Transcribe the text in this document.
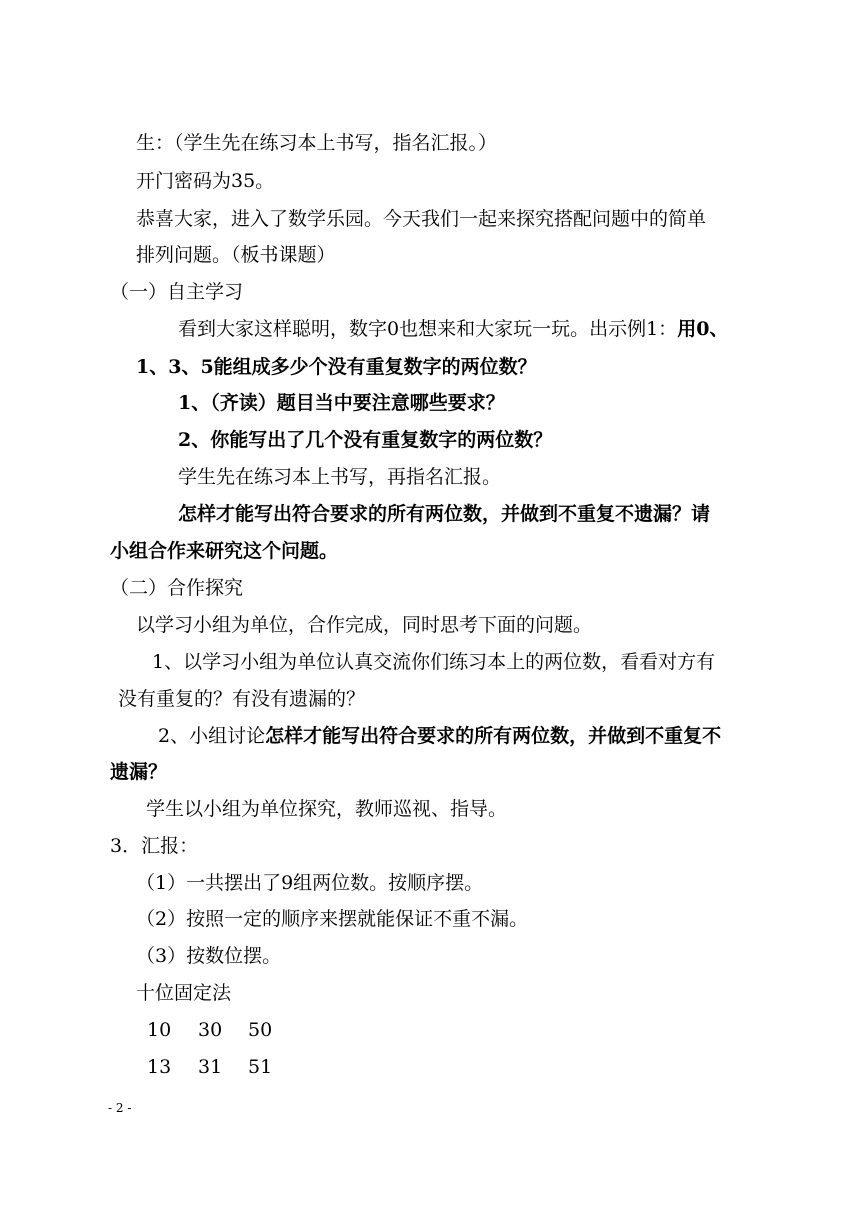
生：（学生先在练习本上书写，指名汇报。）
开门密码为35。
恭喜大家，进入了数学乐园。今天我们一起来探究搭配问题中的简单
排列问题。（板书课题）
（一）自主学习
看到大家这样聪明，数字0也想来和大家玩一玩。出示例1：用0、
1、3、5能组成多少个没有重复数字的两位数？
1、（齐读）题目当中要注意哪些要求？
2、你能写出了几个没有重复数字的两位数？
学生先在练习本上书写，再指名汇报。
怎样才能写出符合要求的所有两位数，并做到不重复不遗漏？请
小组合作来研究这个问题。
（二）合作探究
以学习小组为单位，合作完成，同时思考下面的问题。
1、以学习小组为单位认真交流你们练习本上的两位数，看看对方有
没有重复的？有没有遗漏的？
2、小组讨论怎样才能写出符合要求的所有两位数，并做到不重复不
遗漏？
学生以小组为单位探究，教师巡视、指导。
3．汇报：
（1）一共摆出了9组两位数。按顺序摆。
（2）按照一定的顺序来摆就能保证不重不漏。
（3）按数位摆。
十位固定法
10 30 50
13 31 51
- 2 -
